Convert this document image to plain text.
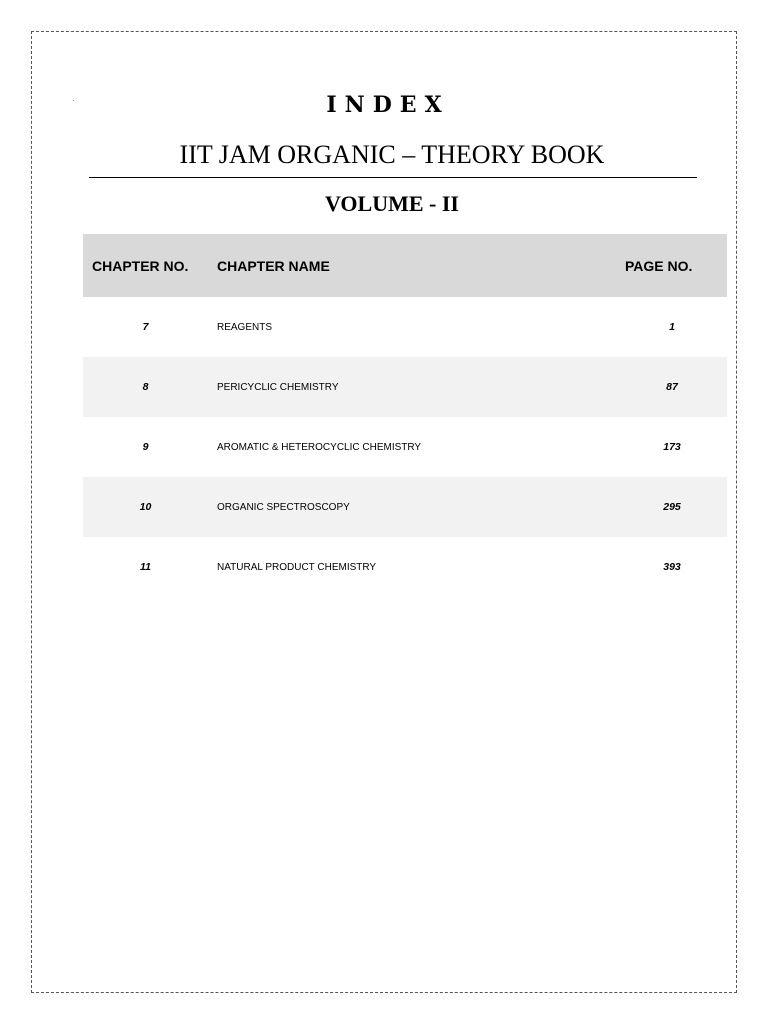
INDEX
IIT JAM ORGANIC – THEORY BOOK
VOLUME - II
CHAPTER NO.	CHAPTER NAME	PAGE NO.
7	REAGENTS	1
8	PERICYCLIC CHEMISTRY	87
9	AROMATIC & HETEROCYCLIC CHEMISTRY	173
10	ORGANIC SPECTROSCOPY	295
11	NATURAL PRODUCT CHEMISTRY	393
